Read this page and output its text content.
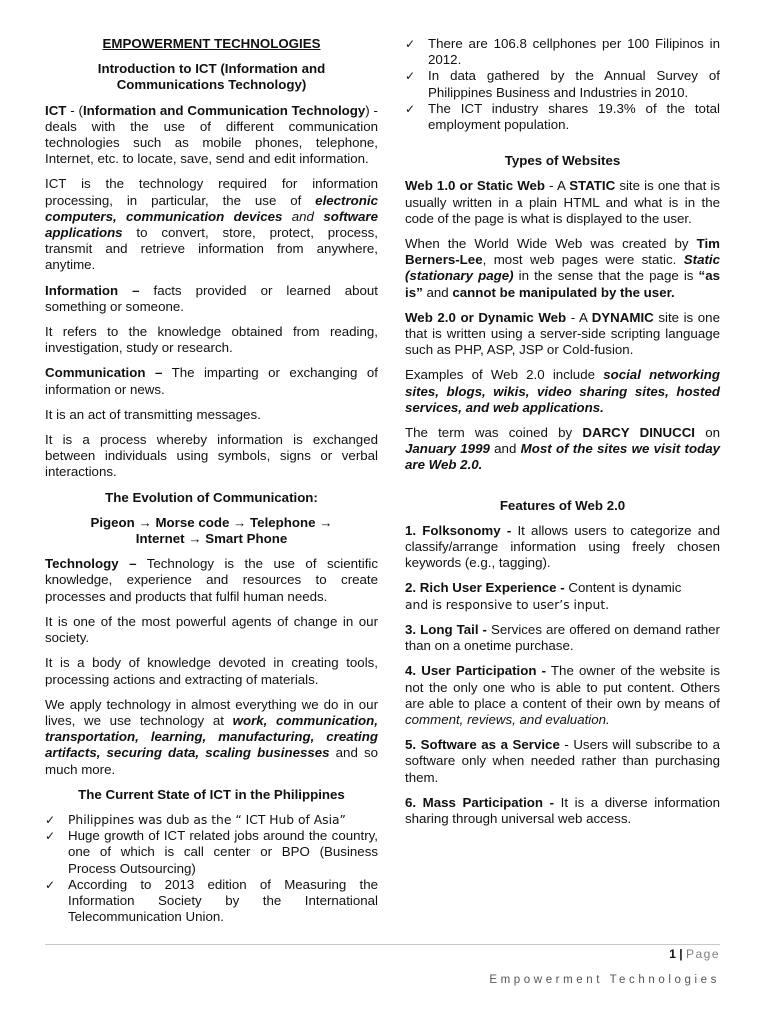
EMPOWERMENT TECHNOLOGIES
Introduction to ICT (Information and Communications Technology)

ICT - (Information and Communication Technology) - deals with the use of different communication technologies such as mobile phones, telephone, Internet, etc. to locate, save, send and edit information.

ICT is the technology required for information processing, in particular, the use of electronic computers, communication devices and software applications to convert, store, protect, process, transmit and retrieve information from anywhere, anytime.

Information – facts provided or learned about something or someone.

It refers to the knowledge obtained from reading, investigation, study or research.

Communication – The imparting or exchanging of information or news.

It is an act of transmitting messages.

It is a process whereby information is exchanged between individuals using symbols, signs or verbal interactions.

The Evolution of Communication:
Pigeon → Morse code → Telephone →
Internet → Smart Phone

Technology – Technology is the use of scientific knowledge, experience and resources to create processes and products that fulfil human needs.

It is one of the most powerful agents of change in our society.

It is a body of knowledge devoted in creating tools, processing actions and extracting of materials.

We apply technology in almost everything we do in our lives, we use technology at work, communication, transportation, learning, manufacturing, creating artifacts, securing data, scaling businesses and so much more.

The Current State of ICT in the Philippines
✓ Philippines was dub as the “ ICT Hub of Asia”
✓ Huge growth of ICT related jobs around the country, one of which is call center or BPO (Business Process Outsourcing)
✓ According to 2013 edition of Measuring the Information Society by the International Telecommunication Union.
✓ There are 106.8 cellphones per 100 Filipinos in 2012.
✓ In data gathered by the Annual Survey of Philippines Business and Industries in 2010.
✓ The ICT industry shares 19.3% of the total employment population.
Types of Websites

Web 1.0 or Static Web - A STATIC site is one that is usually written in a plain HTML and what is in the code of the page is what is displayed to the user.

When the World Wide Web was created by Tim Berners-Lee, most web pages were static. Static (stationary page) in the sense that the page is “as is” and cannot be manipulated by the user.

Web 2.0 or Dynamic Web - A DYNAMIC site is one that is written using a server-side scripting language such as PHP, ASP, JSP or Cold-fusion.

Examples of Web 2.0 include social networking sites, blogs, wikis, video sharing sites, hosted services, and web applications.

The term was coined by DARCY DINUCCI on January 1999 and Most of the sites we visit today are Web 2.0.

Features of Web 2.0

1. Folksonomy - It allows users to categorize and classify/arrange information using freely chosen keywords (e.g., tagging).

2. Rich User Experience - Content is dynamic
and is responsive to user’s input.

3. Long Tail - Services are offered on demand rather than on a onetime purchase.

4. User Participation - The owner of the website is not the only one who is able to put content. Others are able to place a content of their own by means of comment, reviews, and evaluation.

5. Software as a Service - Users will subscribe to a software only when needed rather than purchasing them.

6. Mass Participation - It is a diverse information sharing through universal web access.

1 | Page
Empowerment Technologies
